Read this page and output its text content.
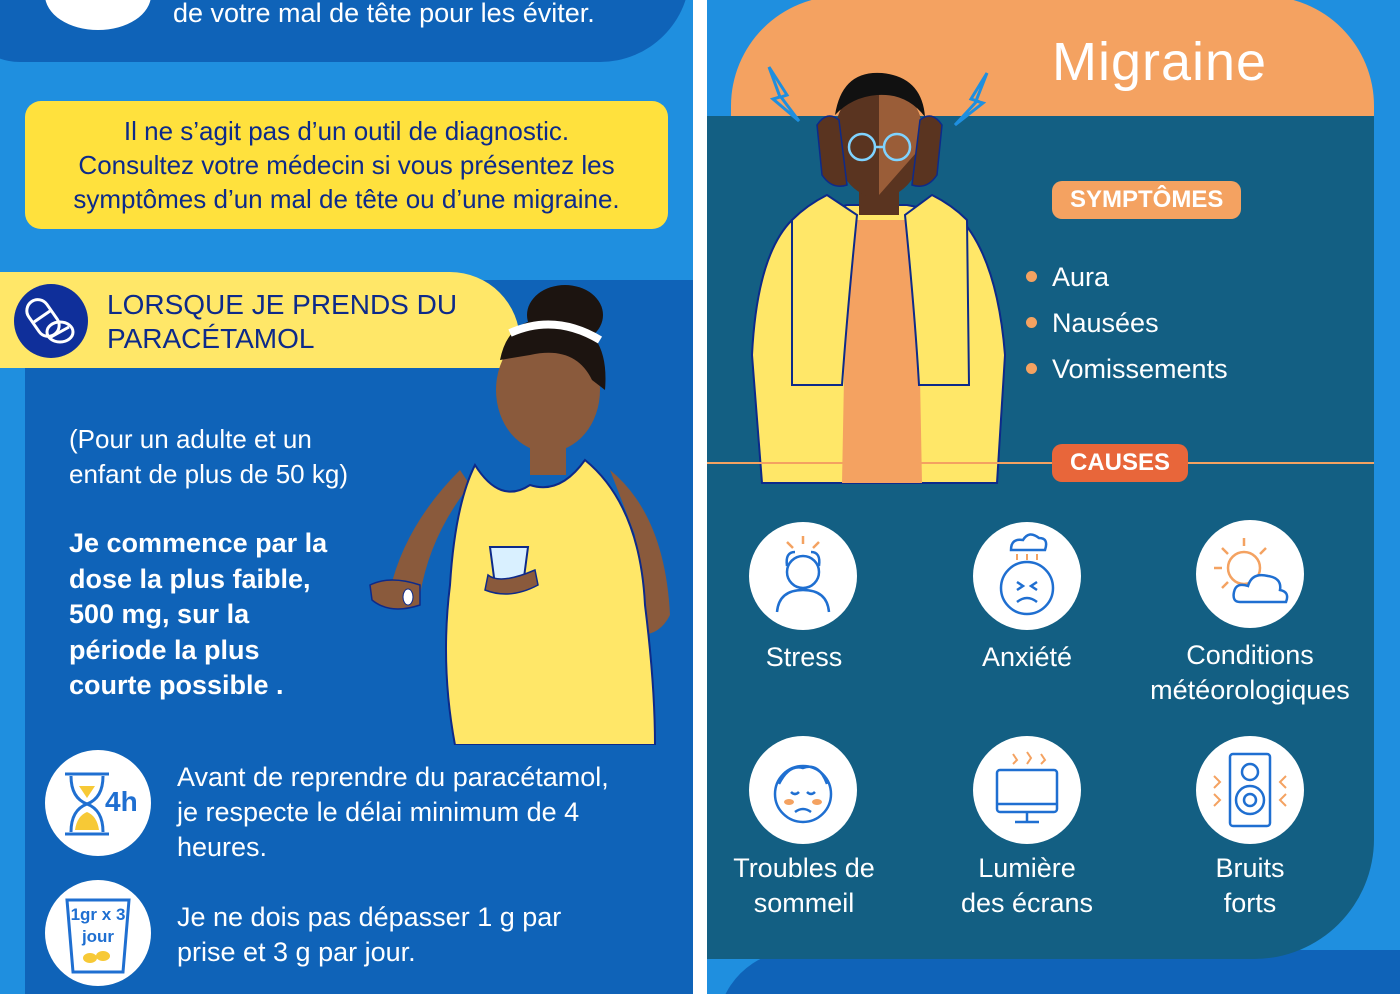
de votre mal de tête pour les éviter.
Il ne s’agit pas d’un outil de diagnostic.
Consultez votre médecin si vous présentez les
symptômes d’un mal de tête ou d’une migraine.
LORSQUE JE PRENDS DU
PARACÉTAMOL
(Pour un adulte et un
enfant de plus de 50 kg)
Je commence par la
dose la plus faible,
500 mg, sur la
période la plus
courte possible .
4h
Avant de reprendre du paracétamol,
je respecte le délai minimum de 4
heures.
1gr x 3
jour
Je ne dois pas dépasser 1 g par
prise et 3 g par jour.
Migraine
SYMPTÔMES
Aura
Nausées
Vomissements
CAUSES
Stress	Anxiété	Conditions
météorologiques
Troubles de
sommeil
Lumière
des écrans
Bruits
forts
